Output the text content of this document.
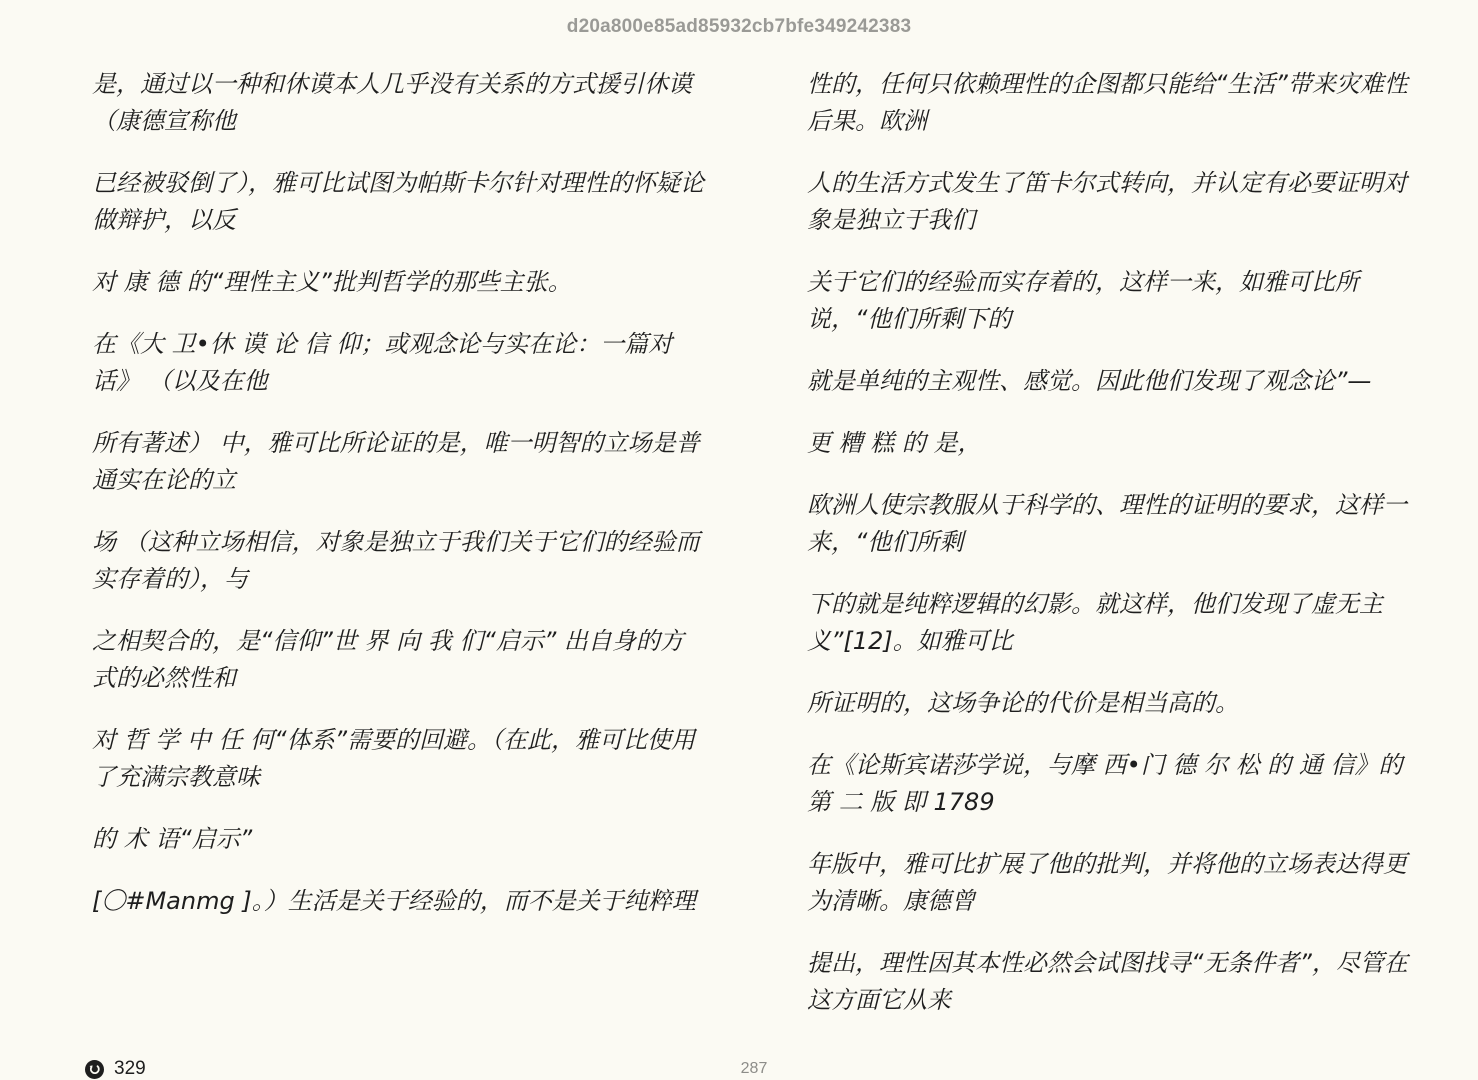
d20a800e85ad85932cb7bfe349242383

是，通过以一种和休谟本人几乎没有关系的方式援引休谟（康德宣称他

已经被驳倒了），雅可比试图为帕斯卡尔针对理性的怀疑论做辩护，以反

对 康 德 的“理性主义”批判哲学的那些主张。

在《大 卫•休 谟 论 信 仰；或观念论与实在论：一篇对话》 （以及在他

所有著述） 中，雅可比所论证的是，唯一明智的立场是普通实在论的立

场 （这种立场相信，对象是独立于我们关于它们的经验而实存着的），与

之相契合的，是“信仰”世 界 向 我 们“启示” 出自身的方式的必然性和

对 哲 学 中 任 何“体系”需要的回避。（在此，雅可比使用了充满宗教意味

的 术 语“启示”

[〇#Manmg ]。）生活是关于经验的，而不是关于纯粹理

性的，任何只依赖理性的企图都只能给“生活”带来灾难性后果。欧洲

人的生活方式发生了笛卡尔式转向，并认定有必要证明对象是独立于我们

关于它们的经验而实存着的，这样一来，如雅可比所说，“他们所剩下的

就是单纯的主观性、感觉。因此他们发现了观念论”—

更 糟 糕 的 是，

欧洲人使宗教服从于科学的、理性的证明的要求，这样一来，“他们所剩

下的就是纯粹逻辑的幻影。就这样，他们发现了虚无主义”[12]。如雅可比

所证明的，这场争论的代价是相当高的。

在《论斯宾诺莎学说，与摩 西•门 德 尔 松 的 通 信》的 第 二 版 即 1789

年版中，雅可比扩展了他的批判，并将他的立场表达得更为清晰。康德曾

提出，理性因其本性必然会试图找寻“无条件者”，尽管在这方面它从来

329	287
